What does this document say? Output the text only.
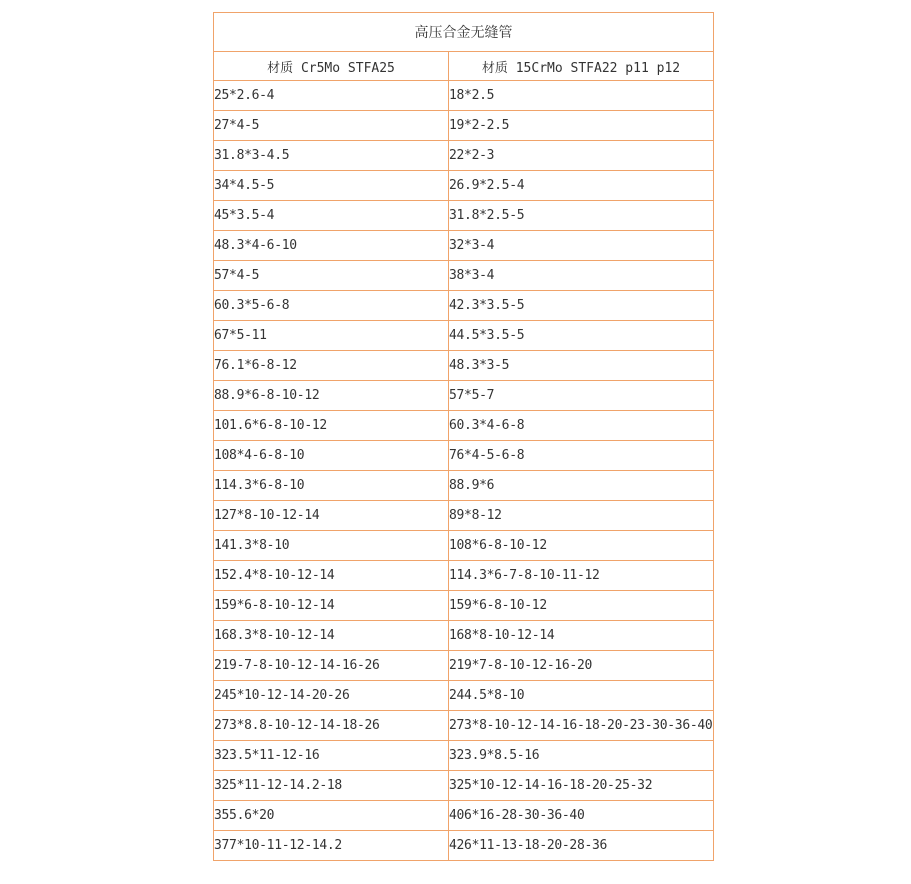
高压合金无缝管	
材质 Cr5Mo STFA25	材质 15CrMo STFA22 p11 p12
25*2.6-4	18*2.5
27*4-5	19*2-2.5
31.8*3-4.5	22*2-3
34*4.5-5	26.9*2.5-4
45*3.5-4	31.8*2.5-5
48.3*4-6-10	32*3-4
57*4-5	38*3-4
60.3*5-6-8	42.3*3.5-5
67*5-11	44.5*3.5-5
76.1*6-8-12	48.3*3-5
88.9*6-8-10-12	57*5-7
101.6*6-8-10-12	60.3*4-6-8
108*4-6-8-10	76*4-5-6-8
114.3*6-8-10	88.9*6
127*8-10-12-14	89*8-12
141.3*8-10	108*6-8-10-12
152.4*8-10-12-14	114.3*6-7-8-10-11-12
159*6-8-10-12-14	159*6-8-10-12
168.3*8-10-12-14	168*8-10-12-14
219-7-8-10-12-14-16-26	219*7-8-10-12-16-20
245*10-12-14-20-26	244.5*8-10
273*8.8-10-12-14-18-26	273*8-10-12-14-16-18-20-23-30-36-40
323.5*11-12-16	323.9*8.5-16
325*11-12-14.2-18	325*10-12-14-16-18-20-25-32
355.6*20	406*16-28-30-36-40
377*10-11-12-14.2	426*11-13-18-20-28-36
